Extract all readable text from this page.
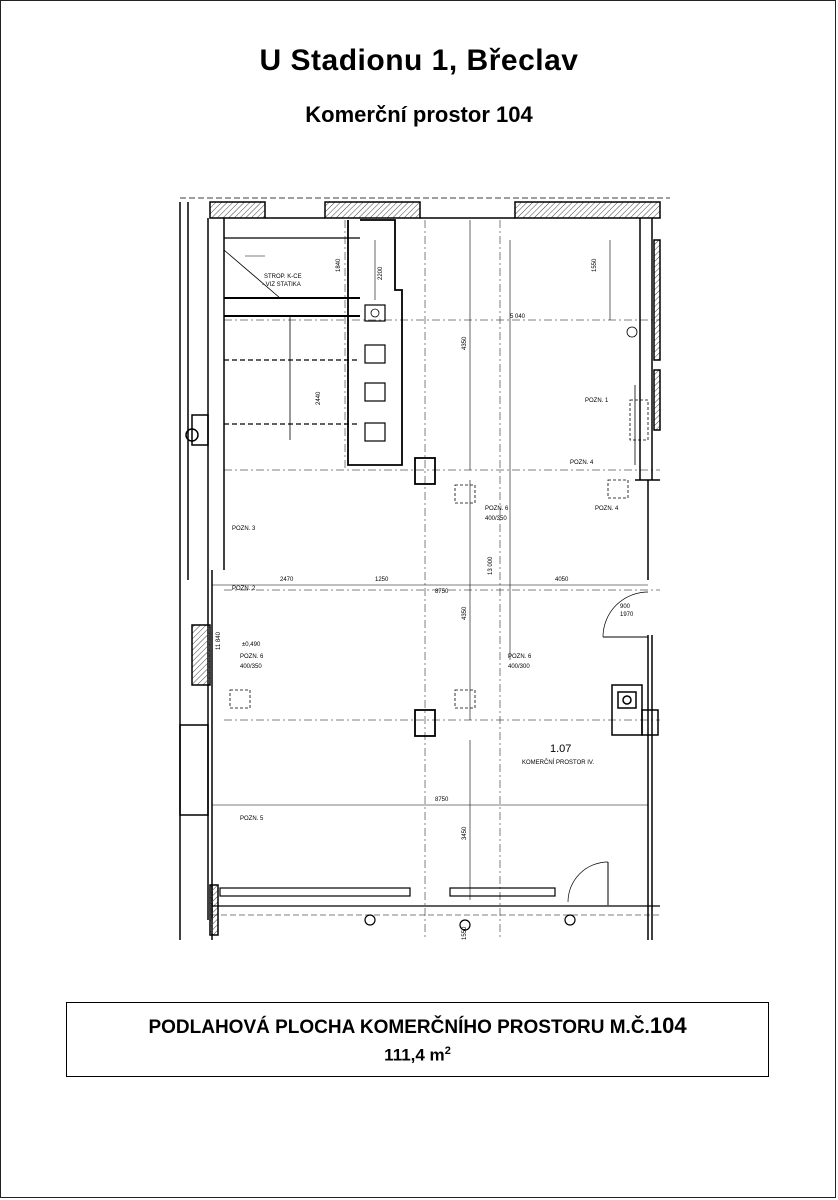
U Stadionu 1, Břeclav
Komerční prostor 104
STROP. K-CE
- VIZ STATIKA
POZN. 1
POZN. 4
POZN. 4
POZN. 6
400/350
POZN. 3
POZN. 2
POZN. 6
400/350
POZN. 6
400/300
POZN. 5
±0,490
900
1970
1.07
KOMERČNÍ PROSTOR IV.
2470	1250	4050
8750
8750
5 040
4350
4350
3450
1840
2440
1550
1550
13 000
11 840
2200
PODLAHOVÁ PLOCHA KOMERČNÍHO PROSTORU M.Č.104
111,4 $m^2$
